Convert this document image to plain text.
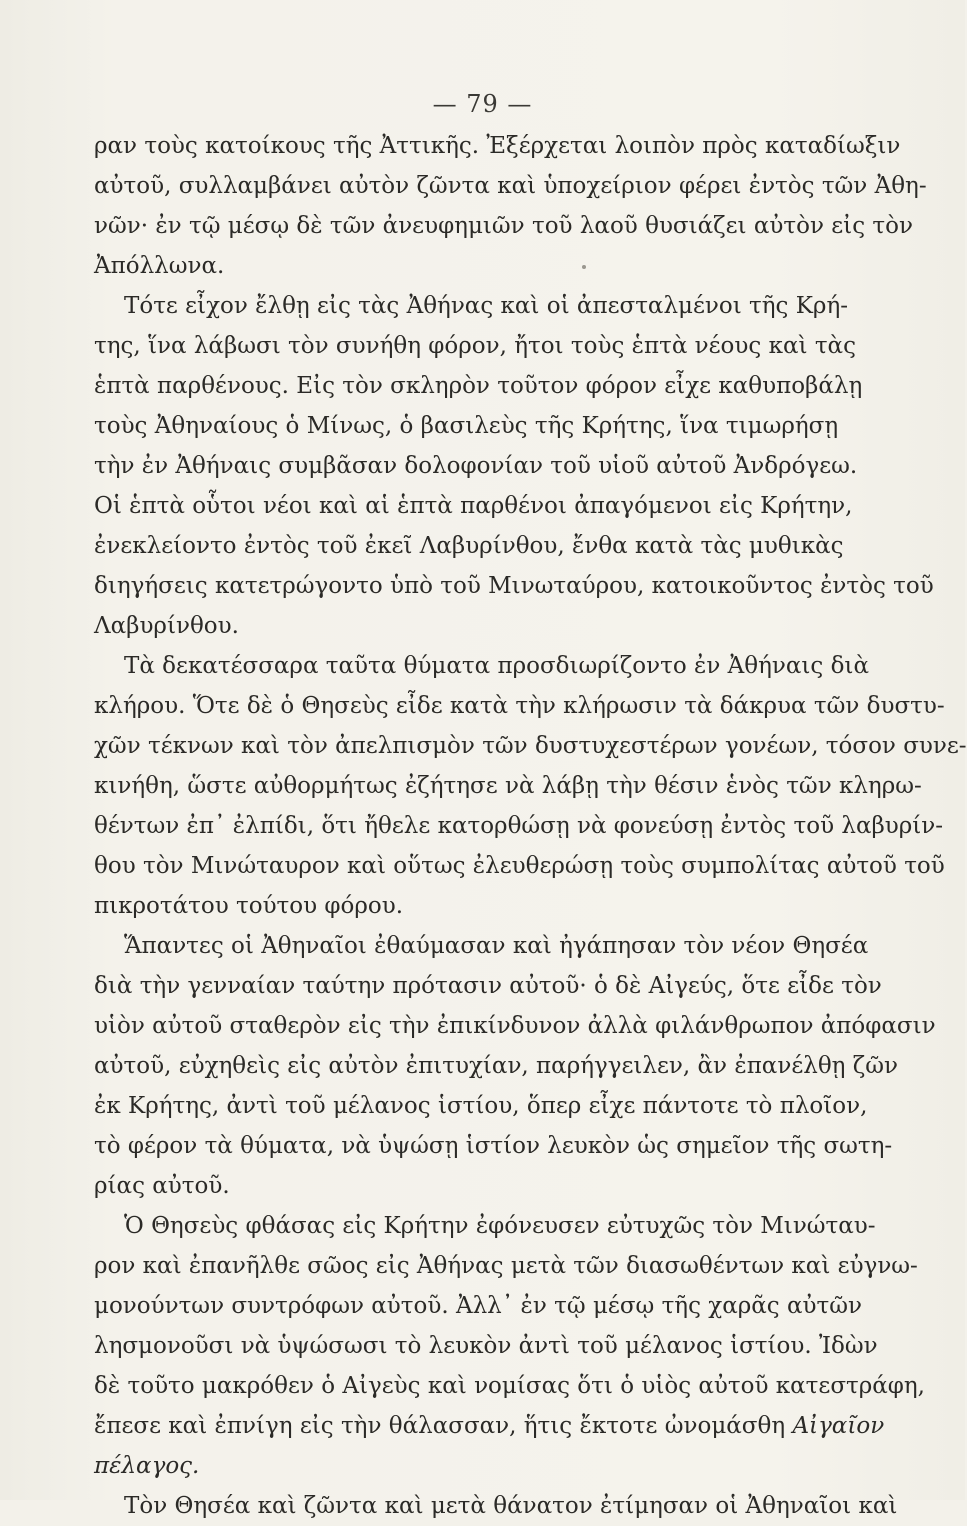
— 79 —
ραν τοὺς κατοίκους τῆς Ἀττικῆς. Ἐξέρχεται λοιπὸν πρὸς καταδίωξιν
αὐτοῦ, συλλαμβάνει αὐτὸν ζῶντα καὶ ὑποχείριον φέρει ἐντὸς τῶν Ἀθη-
νῶν· ἐν τῷ μέσῳ δὲ τῶν ἀνευφημιῶν τοῦ λαοῦ θυσιάζει αὐτὸν εἰς τὸν
Ἀπόλλωνα.
Τότε εἶχον ἔλθῃ εἰς τὰς Ἀθήνας καὶ οἱ ἀπεσταλμένοι τῆς Κρή-
της, ἵνα λάβωσι τὸν συνήθη φόρον, ἤτοι τοὺς ἑπτὰ νέους καὶ τὰς
ἑπτὰ παρθένους. Εἰς τὸν σκληρὸν τοῦτον φόρον εἶχε καθυποβάλῃ
τοὺς Ἀθηναίους ὁ Μίνως, ὁ βασιλεὺς τῆς Κρήτης, ἵνα τιμωρήσῃ
τὴν ἐν Ἀθήναις συμβᾶσαν δολοφονίαν τοῦ υἱοῦ αὐτοῦ Ἀνδρόγεω.
Οἱ ἑπτὰ οὗτοι νέοι καὶ αἱ ἑπτὰ παρθένοι ἀπαγόμενοι εἰς Κρήτην,
ἐνεκλείοντο ἐντὸς τοῦ ἐκεῖ Λαβυρίνθου, ἔνθα κατὰ τὰς μυθικὰς
διηγήσεις κατετρώγοντο ὑπὸ τοῦ Μινωταύρου, κατοικοῦντος ἐντὸς τοῦ
Λαβυρίνθου.
Τὰ δεκατέσσαρα ταῦτα θύματα προσδιωρίζοντο ἐν Ἀθήναις διὰ
κλήρου. Ὅτε δὲ ὁ Θησεὺς εἶδε κατὰ τὴν κλήρωσιν τὰ δάκρυα τῶν δυστυ-
χῶν τέκνων καὶ τὸν ἀπελπισμὸν τῶν δυστυχεστέρων γονέων, τόσον συνε-
κινήθη, ὥστε αὐθορμήτως ἐζήτησε νὰ λάβῃ τὴν θέσιν ἑνὸς τῶν κληρω-
θέντων ἐπ᾽ ἐλπίδι, ὅτι ἤθελε κατορθώσῃ νὰ φονεύσῃ ἐντὸς τοῦ λαβυρίν-
θου τὸν Μινώταυρον καὶ οὕτως ἐλευθερώσῃ τοὺς συμπολίτας αὐτοῦ τοῦ
πικροτάτου τούτου φόρου.
Ἅπαντες οἱ Ἀθηναῖοι ἐθαύμασαν καὶ ἠγάπησαν τὸν νέον Θησέα
διὰ τὴν γενναίαν ταύτην πρότασιν αὐτοῦ· ὁ δὲ Αἰγεύς, ὅτε εἶδε τὸν
υἱὸν αὐτοῦ σταθερὸν εἰς τὴν ἐπικίνδυνον ἀλλὰ φιλάνθρωπον ἀπόφασιν
αὐτοῦ, εὐχηθεὶς εἰς αὐτὸν ἐπιτυχίαν, παρήγγειλεν, ἂν ἐπανέλθῃ ζῶν
ἐκ Κρήτης, ἀντὶ τοῦ μέλανος ἱστίου, ὅπερ εἶχε πάντοτε τὸ πλοῖον,
τὸ φέρον τὰ θύματα, νὰ ὑψώσῃ ἱστίον λευκὸν ὡς σημεῖον τῆς σωτη-
ρίας αὐτοῦ.
Ὁ Θησεὺς φθάσας εἰς Κρήτην ἐφόνευσεν εὐτυχῶς τὸν Μινώταυ-
ρον καὶ ἐπανῆλθε σῶος εἰς Ἀθήνας μετὰ τῶν διασωθέντων καὶ εὐγνω-
μονούντων συντρόφων αὐτοῦ. Ἀλλ᾽ ἐν τῷ μέσῳ τῆς χαρᾶς αὐτῶν
λησμονοῦσι νὰ ὑψώσωσι τὸ λευκὸν ἀντὶ τοῦ μέλανος ἱστίου. Ἰδὼν
δὲ τοῦτο μακρόθεν ὁ Αἰγεὺς καὶ νομίσας ὅτι ὁ υἱὸς αὐτοῦ κατεστράφη,
ἔπεσε καὶ ἐπνίγη εἰς τὴν θάλασσαν, ἥτις ἔκτοτε ὠνομάσθη Αἰγαῖον
πέλαγος.
Τὸν Θησέα καὶ ζῶντα καὶ μετὰ θάνατον ἐτίμησαν οἱ Ἀθηναῖοι καὶ
